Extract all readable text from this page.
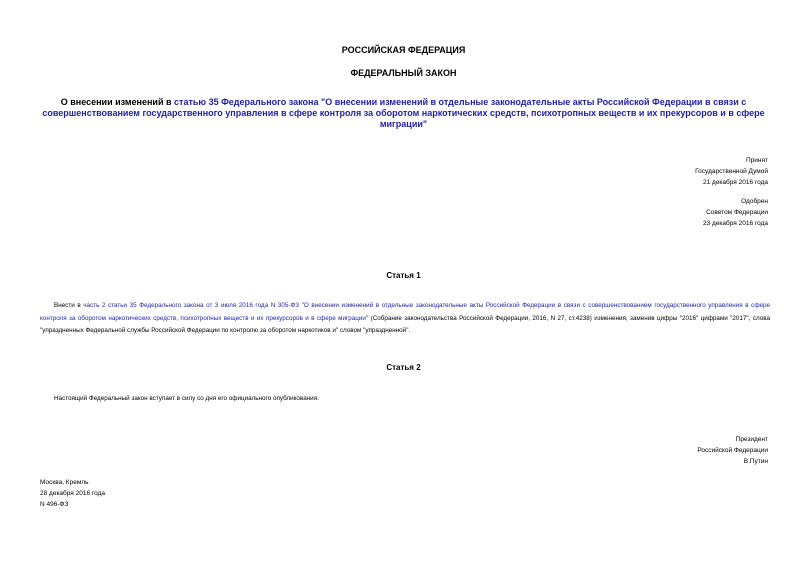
РОССИЙСКАЯ ФЕДЕРАЦИЯ
ФЕДЕРАЛЬНЫЙ ЗАКОН
О внесении изменений в статью 35 Федерального закона "О внесении изменений в отдельные законодательные акты Российской Федерации в связи с совершенствованием государственного управления в сфере контроля за оборотом наркотических средств, психотропных веществ и их прекурсоров и в сфере миграции"
Принят
Государственной Думой
21 декабря 2016 года
Одобрен
Советом Федерации
23 декабря 2016 года
Статья 1
Внести в часть 2 статьи 35 Федерального закона от 3 июля 2016 года N 305-ФЗ "О внесении изменений в отдельные законодательные акты Российской Федерации в связи с совершенствованием государственного управления в сфере контроля за оборотом наркотических средств, психотропных веществ и их прекурсоров и в сфере миграции" (Собрание законодательства Российской Федерации, 2016, N 27, ст.4238) изменения, заменив цифры "2016" цифрами "2017", слова "упраздненных Федеральной службы Российской Федерации по контролю за оборотом наркотиков и" словом "упраздненной".
Статья 2
Настоящий Федеральный закон вступает в силу со дня его официального опубликования.
Президент
Российской Федерации
В.Путин
Москва, Кремль
28 декабря 2016 года
N 496-ФЗ
